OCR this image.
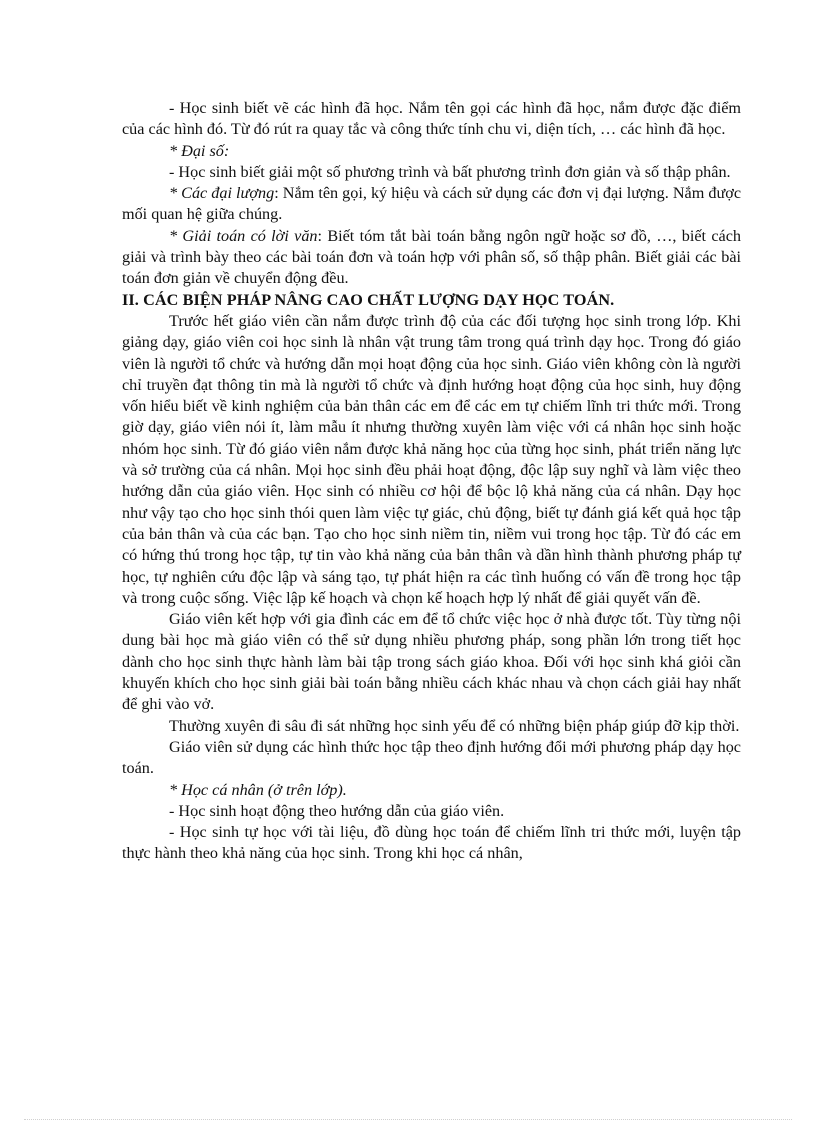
- Học sinh biết vẽ các hình đã học. Nắm tên gọi các hình đã học, nắm được đặc điểm của các hình đó. Từ đó rút ra quay tắc và công thức tính chu vi, diện tích, … các hình đã học.

* Đại số:

- Học sinh biết giải một số phương trình và bất phương trình đơn giản và số thập phân.

* Các đại lượng: Nắm tên gọi, ký hiệu và cách sử dụng các đơn vị đại lượng. Nắm được mối quan hệ giữa chúng.

* Giải toán có lời văn: Biết tóm tắt bài toán bằng ngôn ngữ hoặc sơ đồ, …, biết cách giải và trình bày theo các bài toán đơn và toán hợp với phân số, số thập phân. Biết giải các bài toán đơn giản về chuyển động đều.

II. CÁC BIỆN PHÁP NÂNG CAO CHẤT LƯỢNG DẠY HỌC TOÁN.

Trước hết giáo viên cần nắm được trình độ của các đối tượng học sinh trong lớp. Khi giảng dạy, giáo viên coi học sinh là nhân vật trung tâm trong quá trình dạy học. Trong đó giáo viên là người tổ chức và hướng dẫn mọi hoạt động của học sinh. Giáo viên không còn là người chỉ truyền đạt thông tin mà là người tổ chức và định hướng hoạt động của học sinh, huy động vốn hiểu biết về kinh nghiệm của bản thân các em để các em tự chiếm lĩnh tri thức mới. Trong giờ dạy, giáo viên nói ít, làm mẫu ít nhưng thường xuyên làm việc với cá nhân học sinh hoặc nhóm học sinh. Từ đó giáo viên nắm được khả năng học của từng học sinh, phát triển năng lực và sở trường của cá nhân. Mọi học sinh đều phải hoạt động, độc lập suy nghĩ và làm việc theo hướng dẫn của giáo viên. Học sinh có nhiều cơ hội để bộc lộ khả năng của cá nhân. Dạy học như vậy tạo cho học sinh thói quen làm việc tự giác, chủ động, biết tự đánh giá kết quả học tập của bản thân và của các bạn. Tạo cho học sinh niềm tin, niềm vui trong học tập. Từ đó các em có hứng thú trong học tập, tự tin vào khả năng của bản thân và dần hình thành phương pháp tự học, tự nghiên cứu độc lập và sáng tạo, tự phát hiện ra các tình huống có vấn đề trong học tập và trong cuộc sống. Việc lập kế hoạch và chọn kế hoạch hợp lý nhất để giải quyết vấn đề.

Giáo viên kết hợp với gia đình các em để tổ chức việc học ở nhà được tốt. Tùy từng nội dung bài học mà giáo viên có thể sử dụng nhiều phương pháp, song phần lớn trong tiết học dành cho học sinh thực hành làm bài tập trong sách giáo khoa. Đối với học sinh khá giỏi cần khuyến khích cho học sinh giải bài toán bằng nhiều cách khác nhau và chọn cách giải hay nhất để ghi vào vở.

Thường xuyên đi sâu đi sát những học sinh yếu để có những biện pháp giúp đỡ kịp thời.

Giáo viên sử dụng các hình thức học tập theo định hướng đổi mới phương pháp dạy học toán.

* Học cá nhân (ở trên lớp).

- Học sinh hoạt động theo hướng dẫn của giáo viên.

- Học sinh tự học với tài liệu, đồ dùng học toán để chiếm lĩnh tri thức mới, luyện tập thực hành theo khả năng của học sinh. Trong khi học cá nhân,
